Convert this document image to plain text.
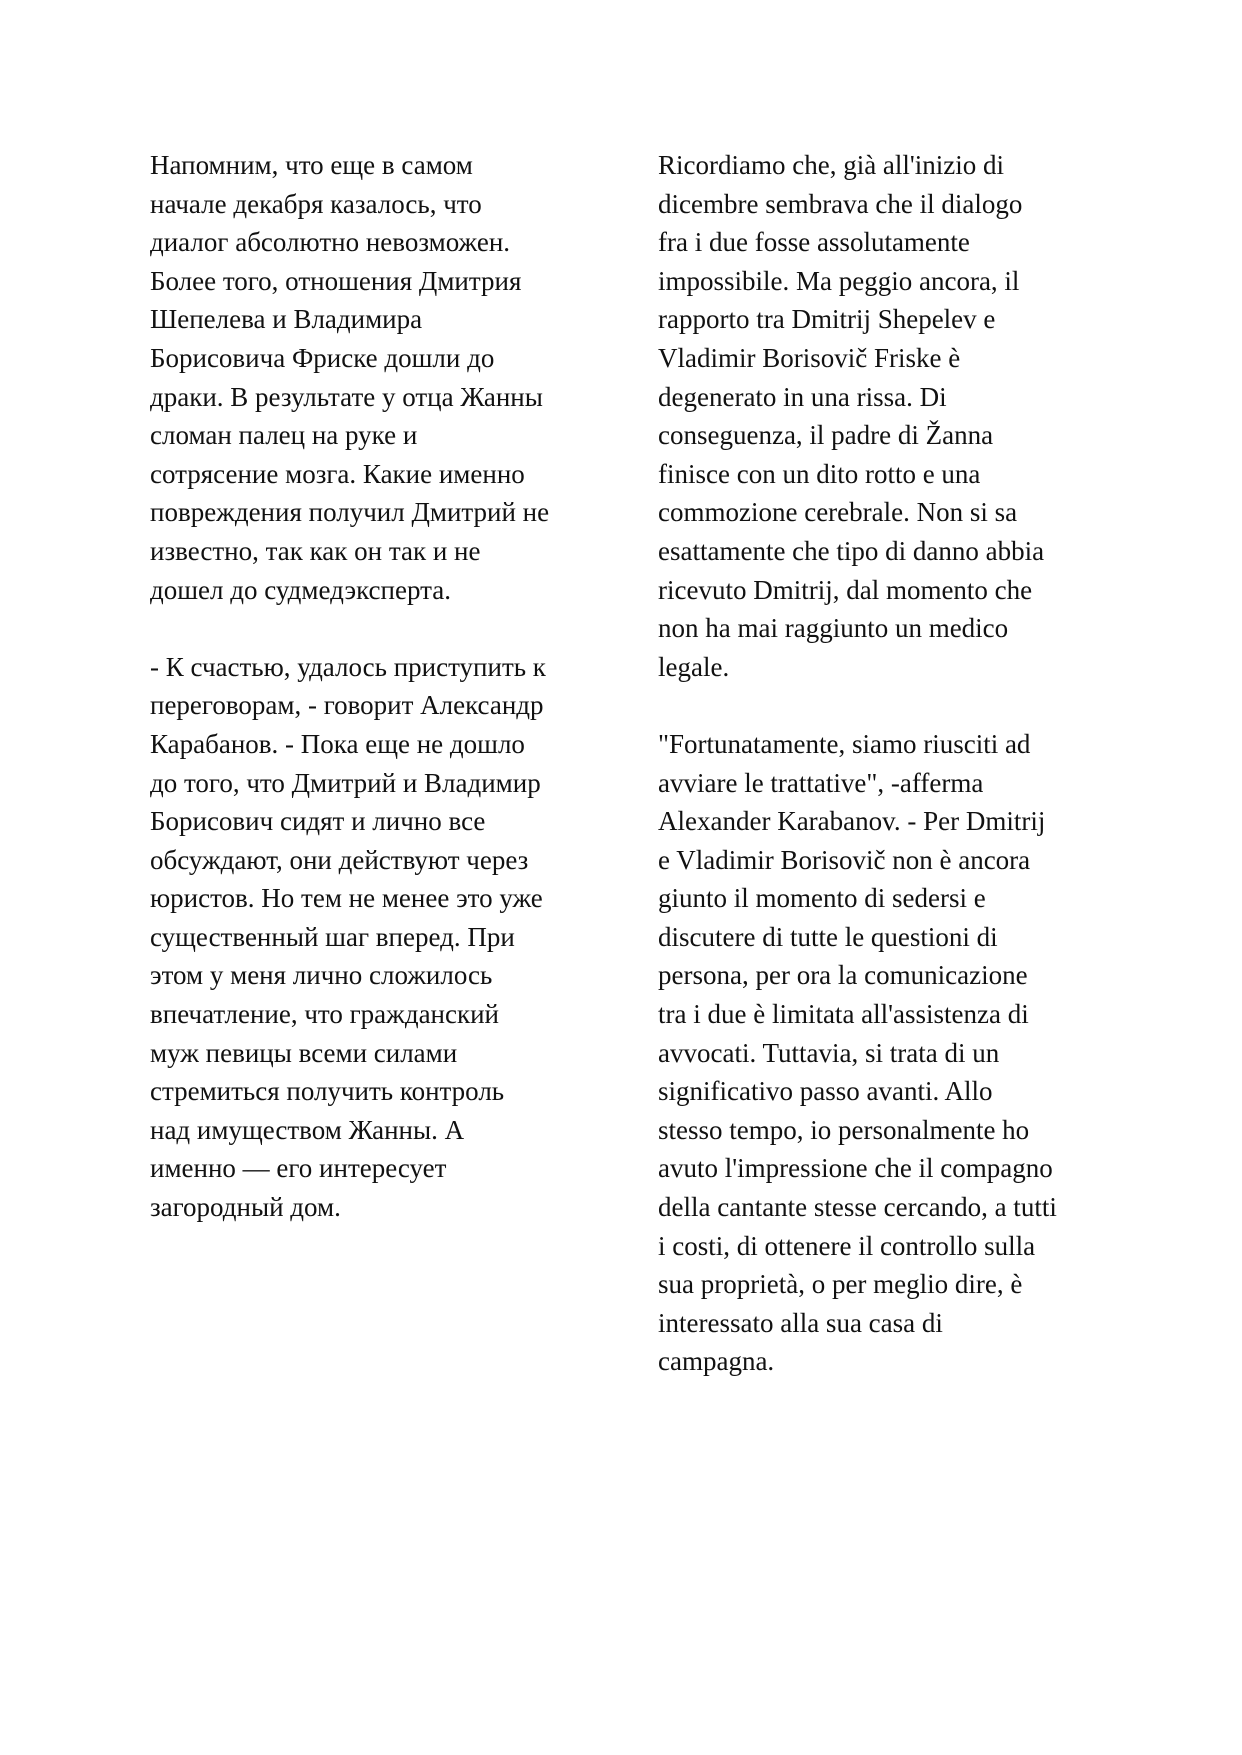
Напомним, что еще в самом
начале декабря казалось, что
диалог абсолютно невозможен.
Более того, отношения Дмитрия
Шепелева и Владимира
Борисовича Фриске дошли до
драки. В результате у отца Жанны
сломан палец на руке и
сотрясение мозга. Какие именно
повреждения получил Дмитрий не
известно, так как он так и не
дошел до судмедэксперта.
- К счастью, удалось приступить к
переговорам, - говорит Александр
Карабанов. - Пока еще не дошло
до того, что Дмитрий и Владимир
Борисович сидят и лично все
обсуждают, они действуют через
юристов. Но тем не менее это уже
существенный шаг вперед. При
этом у меня лично сложилось
впечатление, что гражданский
муж певицы всеми силами
стремиться получить контроль
над имуществом Жанны. А
именно — его интересует
загородный дом.
Ricordiamo che, già all'inizio di
dicembre sembrava che il dialogo
fra i due fosse assolutamente
impossibile. Ma peggio ancora, il
rapporto tra Dmitrij Shepelev e
Vladimir Borisovič Friske è
degenerato in una rissa. Di
conseguenza, il padre di Žanna
finisce con un dito rotto e una
commozione cerebrale. Non si sa
esattamente che tipo di danno abbia
ricevuto Dmitrij, dal momento che
non ha mai raggiunto un medico
legale.
"Fortunatamente, siamo riusciti ad
avviare le trattative", -afferma
Alexander Karabanov. - Per Dmitrij
e Vladimir Borisovič non è ancora
giunto il momento di sedersi e
discutere di tutte le questioni di
persona, per ora la comunicazione
tra i due è limitata all'assistenza di
avvocati. Tuttavia, si trata di un
significativo passo avanti. Allo
stesso tempo, io personalmente ho
avuto l'impressione che il compagno
della cantante stesse cercando, a tutti
i costi, di ottenere il controllo sulla
sua proprietà, o per meglio dire, è
interessato alla sua casa di
campagna.
